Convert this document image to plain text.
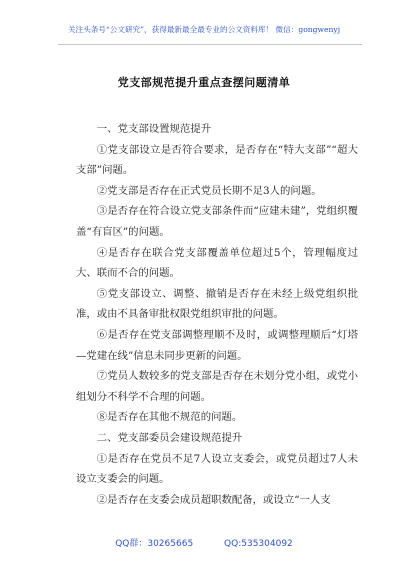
关注头条号“公文研究”，获得最新最全最专业的公文资料库！ 微信：gongwenyj
党支部规范提升重点查摆问题清单

一、党支部设置规范提升

①党支部设立是否符合要求，是否存在“特大支部”“超大支部”问题。

②党支部是否存在正式党员长期不足3人的问题。

③是否存在符合设立党支部条件而“应建未建”，党组织覆盖“有盲区”的问题。

④是否存在联合党支部覆盖单位超过5个，管理幅度过大、联而不合的问题。

⑤党支部设立、调整、撤销是否存在未经上级党组织批准，或由不具备审批权限党组织审批的问题。

⑥是否存在党支部调整理顺不及时，或调整理顺后“灯塔—党建在线”信息未同步更新的问题。

⑦党员人数较多的党支部是否存在未划分党小组，或党小组划分不科学不合理的问题。

⑧是否存在其他不规范的问题。

二、党支部委员会建设规范提升

①是否存在党员不足7人设立支委会，或党员超过7人未设立支委会的问题。

②是否存在支委会成员超职数配备，或设立“一人支

QQ群：30265665	QQ:535304092
